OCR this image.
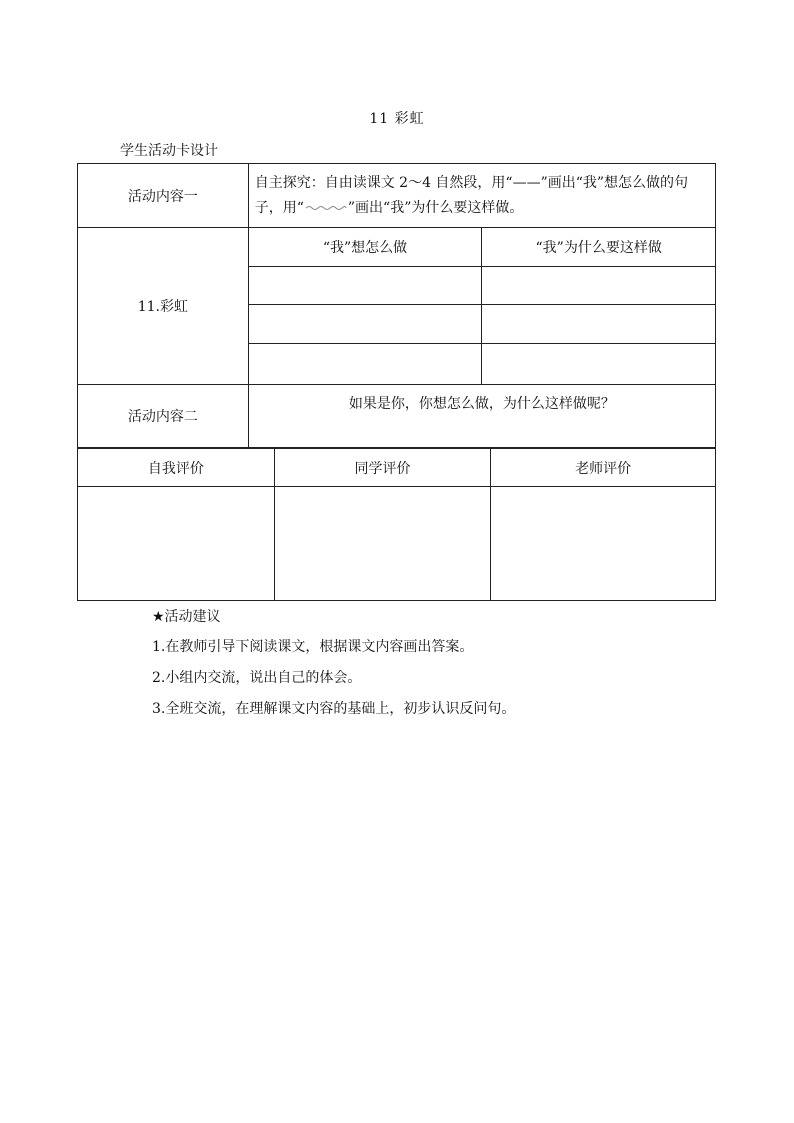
11 彩虹
学生活动卡设计
活动内容一	自主探究：自由读课文 2～4 自然段，用“——”画出“我”想怎么做的句子，用“ ”画出“我”为什么要这样做。	
11.彩虹	“我”想怎么做	“我”为什么要这样做

活动内容二	如果是你，你想怎么做，为什么这样做呢？	
自我评价	同学评价	老师评价

★活动建议
1.在教师引导下阅读课文，根据课文内容画出答案。
2.小组内交流，说出自己的体会。
3.全班交流，在理解课文内容的基础上，初步认识反问句。
